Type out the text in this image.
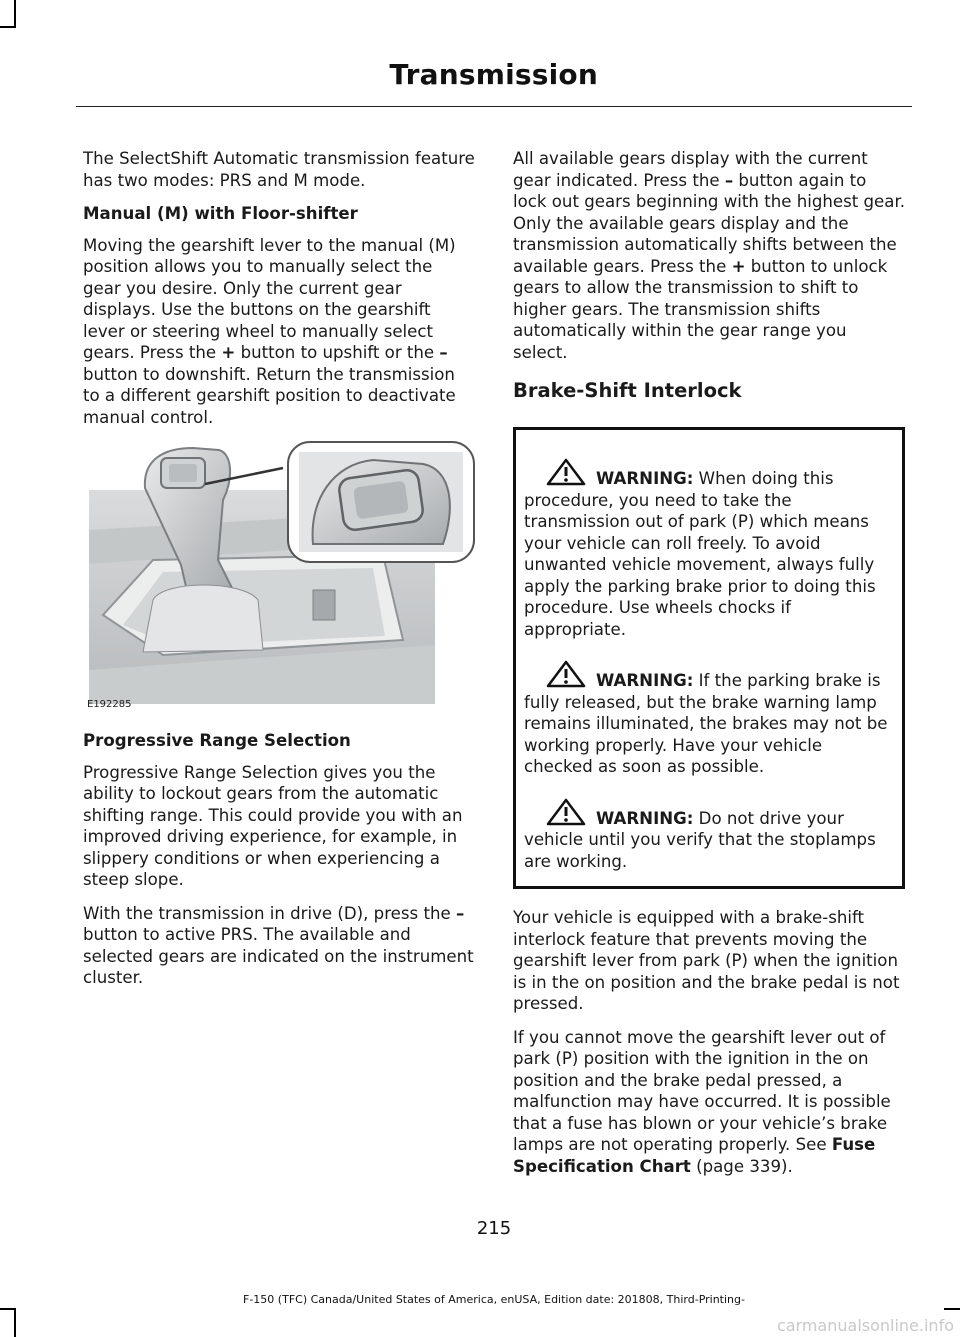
Transmission

The SelectShift Automatic transmission feature has two modes: PRS and M mode.

Manual (M) with Floor-shifter

Moving the gearshift lever to the manual (M) position allows you to manually select the gear you desire. Only the current gear displays. Use the buttons on the gearshift lever or steering wheel to manually select gears. Press the + button to upshift or the – button to downshift. Return the transmission to a different gearshift position to deactivate manual control.

E192285
Progressive Range Selection

Progressive Range Selection gives you the ability to lockout gears from the automatic shifting range. This could provide you with an improved driving experience, for example, in slippery conditions or when experiencing a steep slope.

With the transmission in drive (D), press the – button to active PRS. The available and selected gears are indicated on the instrument cluster.

All available gears display with the current gear indicated. Press the – button again to lock out gears beginning with the highest gear. Only the available gears display and the transmission automatically shifts between the available gears. Press the + button to unlock gears to allow the transmission to shift to higher gears. The transmission shifts automatically within the gear range you select.

Brake-Shift Interlock

WARNING: When doing this procedure, you need to take the transmission out of park (P) which means your vehicle can roll freely. To avoid unwanted vehicle movement, always fully apply the parking brake prior to doing this procedure. Use wheels chocks if appropriate.

WARNING: If the parking brake is fully released, but the brake warning lamp remains illuminated, the brakes may not be working properly. Have your vehicle checked as soon as possible.

WARNING: Do not drive your vehicle until you verify that the stoplamps are working.

Your vehicle is equipped with a brake-shift interlock feature that prevents moving the gearshift lever from park (P) when the ignition is in the on position and the brake pedal is not pressed.

If you cannot move the gearshift lever out of park (P) position with the ignition in the on position and the brake pedal pressed, a malfunction may have occurred. It is possible that a fuse has blown or your vehicle’s brake lamps are not operating properly. See Fuse Specification Chart (page 339).

215
F-150 (TFC) Canada/United States of America, enUSA, Edition date: 201808, Third-Printing-
carmanualsonline.info
